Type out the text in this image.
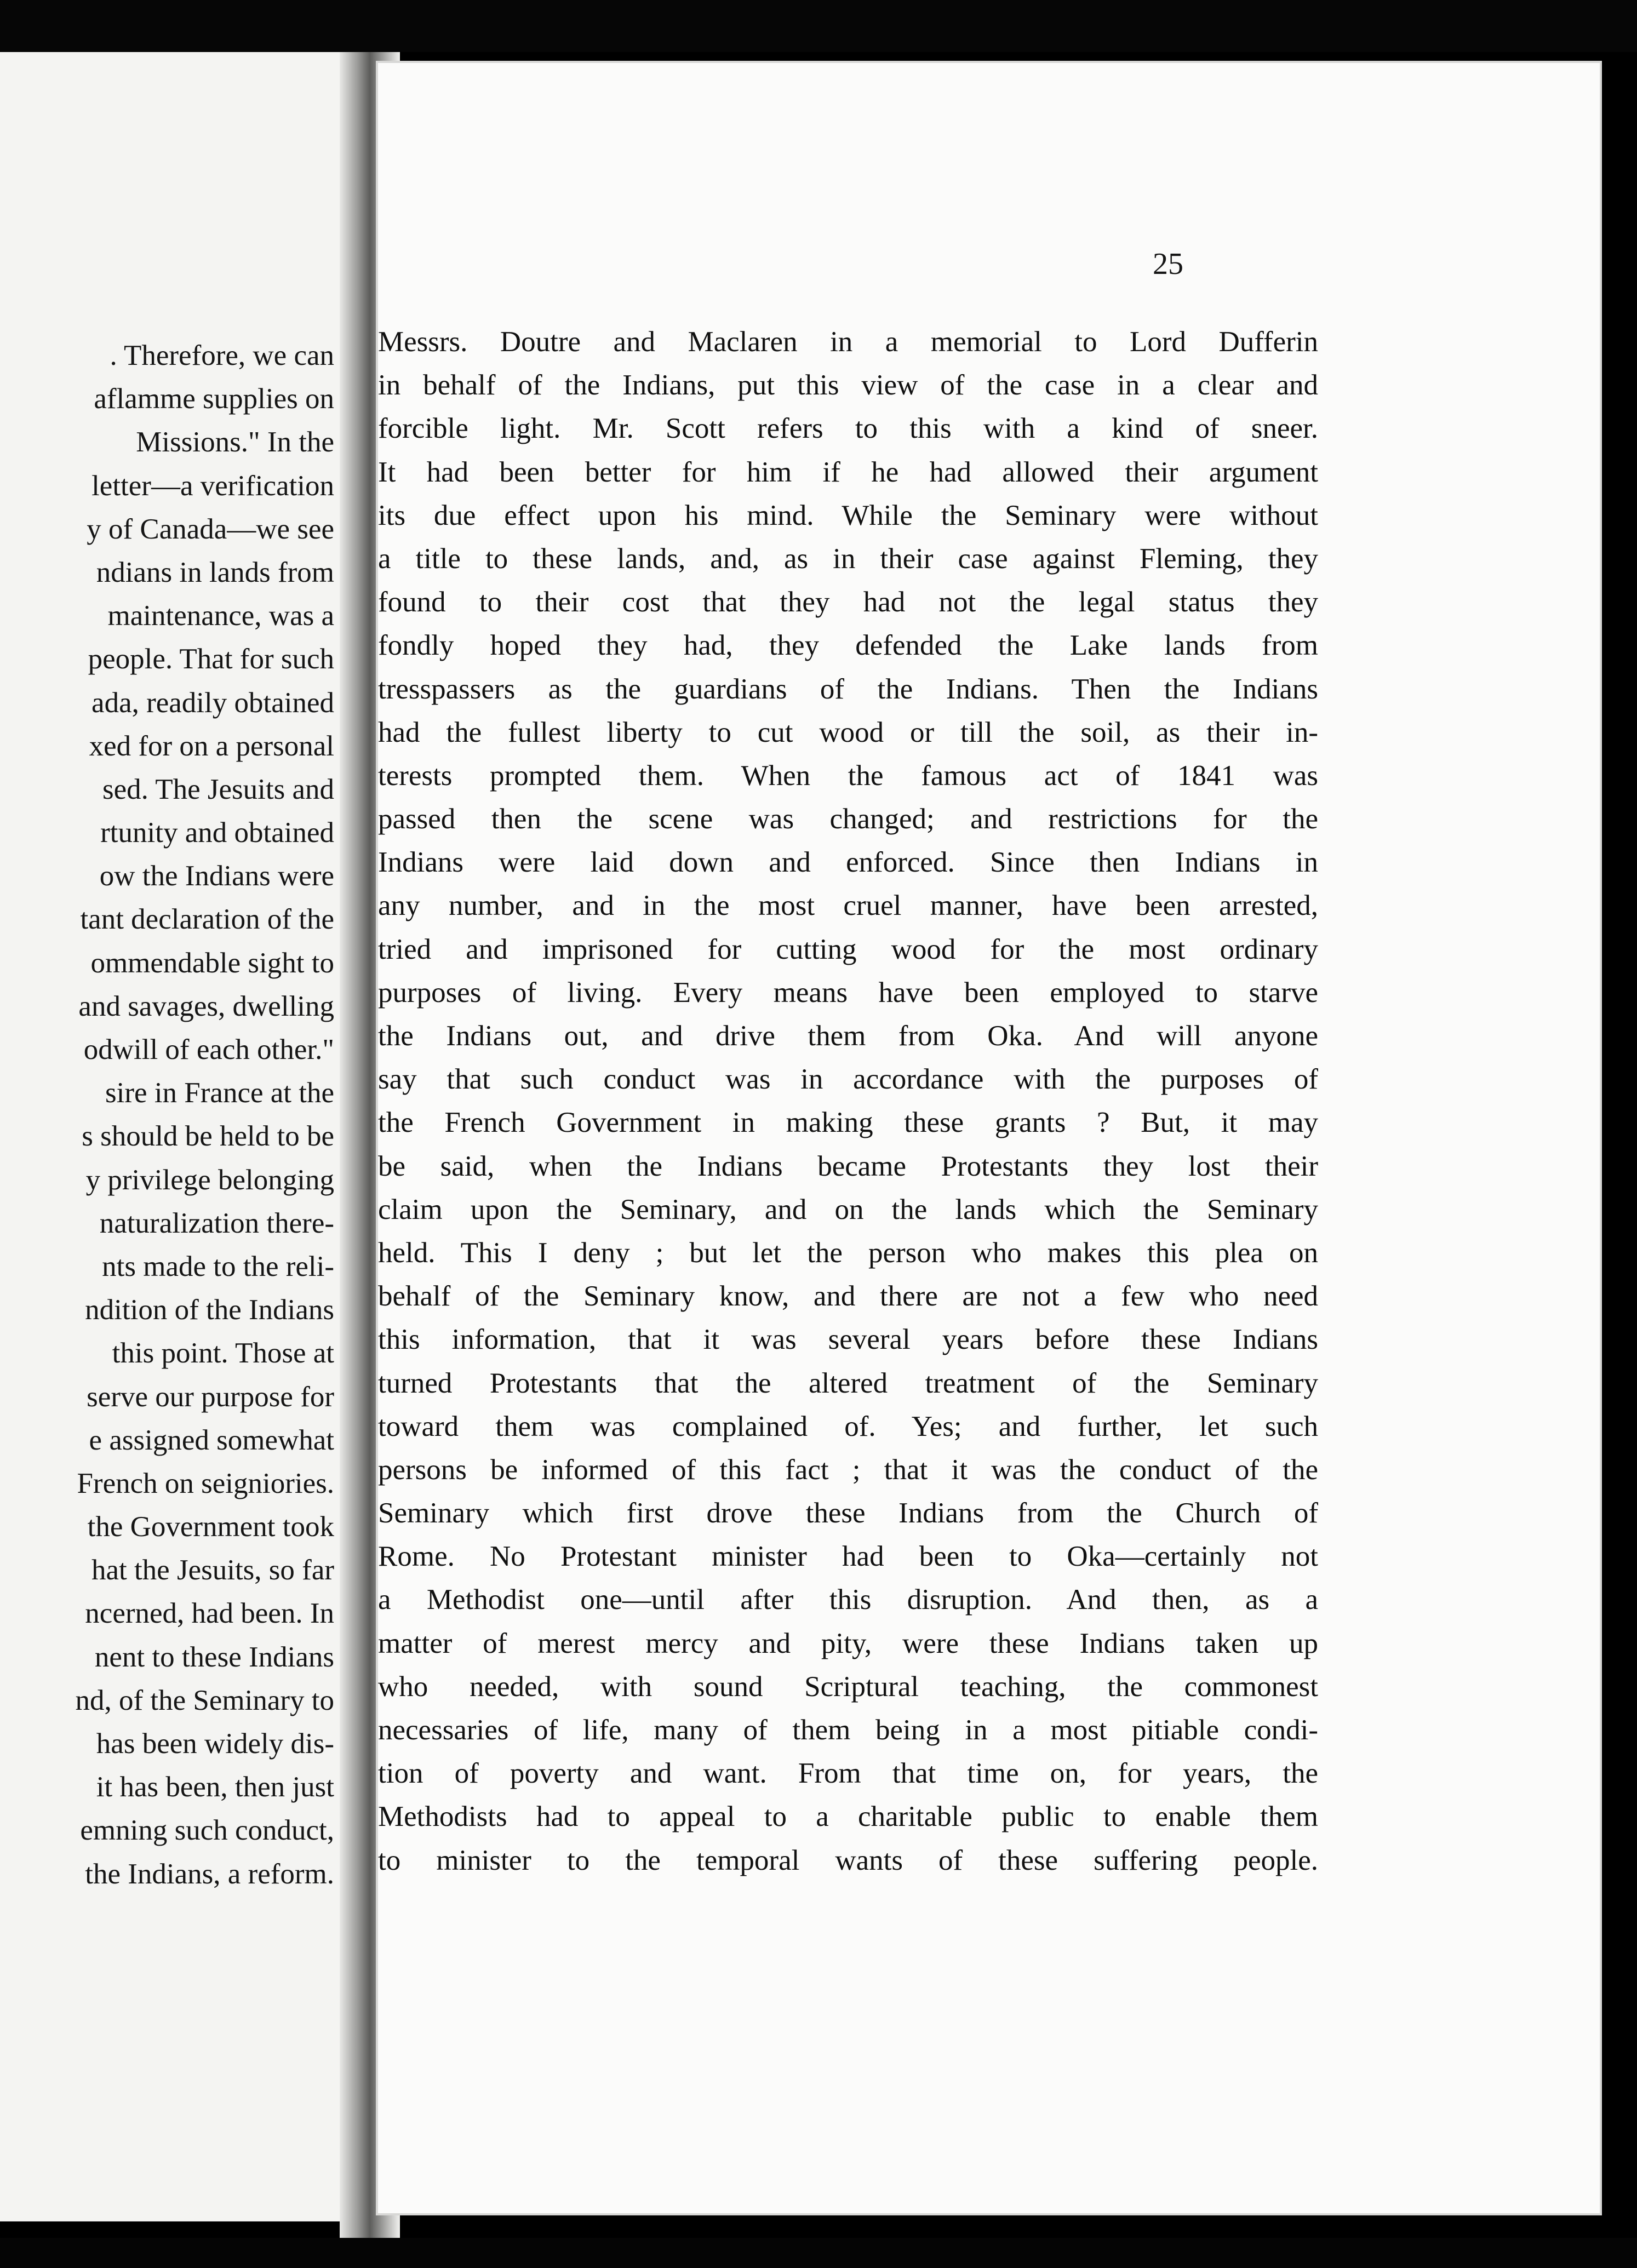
. Therefore, we can
aflamme supplies on
Missions." In the
letter—a verification
y of Canada—we see
ndians in lands from
maintenance, was a
people. That for such
ada, readily obtained
xed for on a personal
sed. The Jesuits and
rtunity and obtained
ow the Indians were
tant declaration of the
ommendable sight to
and savages, dwelling
odwill of each other."
sire in France at the
s should be held to be
y privilege belonging
naturalization there-
nts made to the reli-
ndition of the Indians
this point. Those at
serve our purpose for
e assigned somewhat
French on seigniories.
the Government took
hat the Jesuits, so far
ncerned, had been. In
nent to these Indians
nd, of the Seminary to
has been widely dis-
it has been, then just
emning such conduct,
the Indians, a reform.
25
Messrs. Doutre and Maclaren in a memorial to Lord Dufferin
in behalf of the Indians, put this view of the case in a clear and
forcible light. Mr. Scott refers to this with a kind of sneer.
It had been better for him if he had allowed their argument
its due effect upon his mind. While the Seminary were without
a title to these lands, and, as in their case against Fleming, they
found to their cost that they had not the legal status they
fondly hoped they had, they defended the Lake lands from
tresspassers as the guardians of the Indians. Then the Indians
had the fullest liberty to cut wood or till the soil, as their in-
terests prompted them. When the famous act of 1841 was
passed then the scene was changed; and restrictions for the
Indians were laid down and enforced. Since then Indians in
any number, and in the most cruel manner, have been arrested,
tried and imprisoned for cutting wood for the most ordinary
purposes of living. Every means have been employed to starve
the Indians out, and drive them from Oka. And will anyone
say that such conduct was in accordance with the purposes of
the French Government in making these grants ? But, it may
be said, when the Indians became Protestants they lost their
claim upon the Seminary, and on the lands which the Seminary
held. This I deny ; but let the person who makes this plea on
behalf of the Seminary know, and there are not a few who need
this information, that it was several years before these Indians
turned Protestants that the altered treatment of the Seminary
toward them was complained of. Yes; and further, let such
persons be informed of this fact ; that it was the conduct of the
Seminary which first drove these Indians from the Church of
Rome. No Protestant minister had been to Oka—certainly not
a Methodist one—until after this disruption. And then, as a
matter of merest mercy and pity, were these Indians taken up
who needed, with sound Scriptural teaching, the commonest
necessaries of life, many of them being in a most pitiable condi-
tion of poverty and want. From that time on, for years, the
Methodists had to appeal to a charitable public to enable them
to minister to the temporal wants of these suffering people.
